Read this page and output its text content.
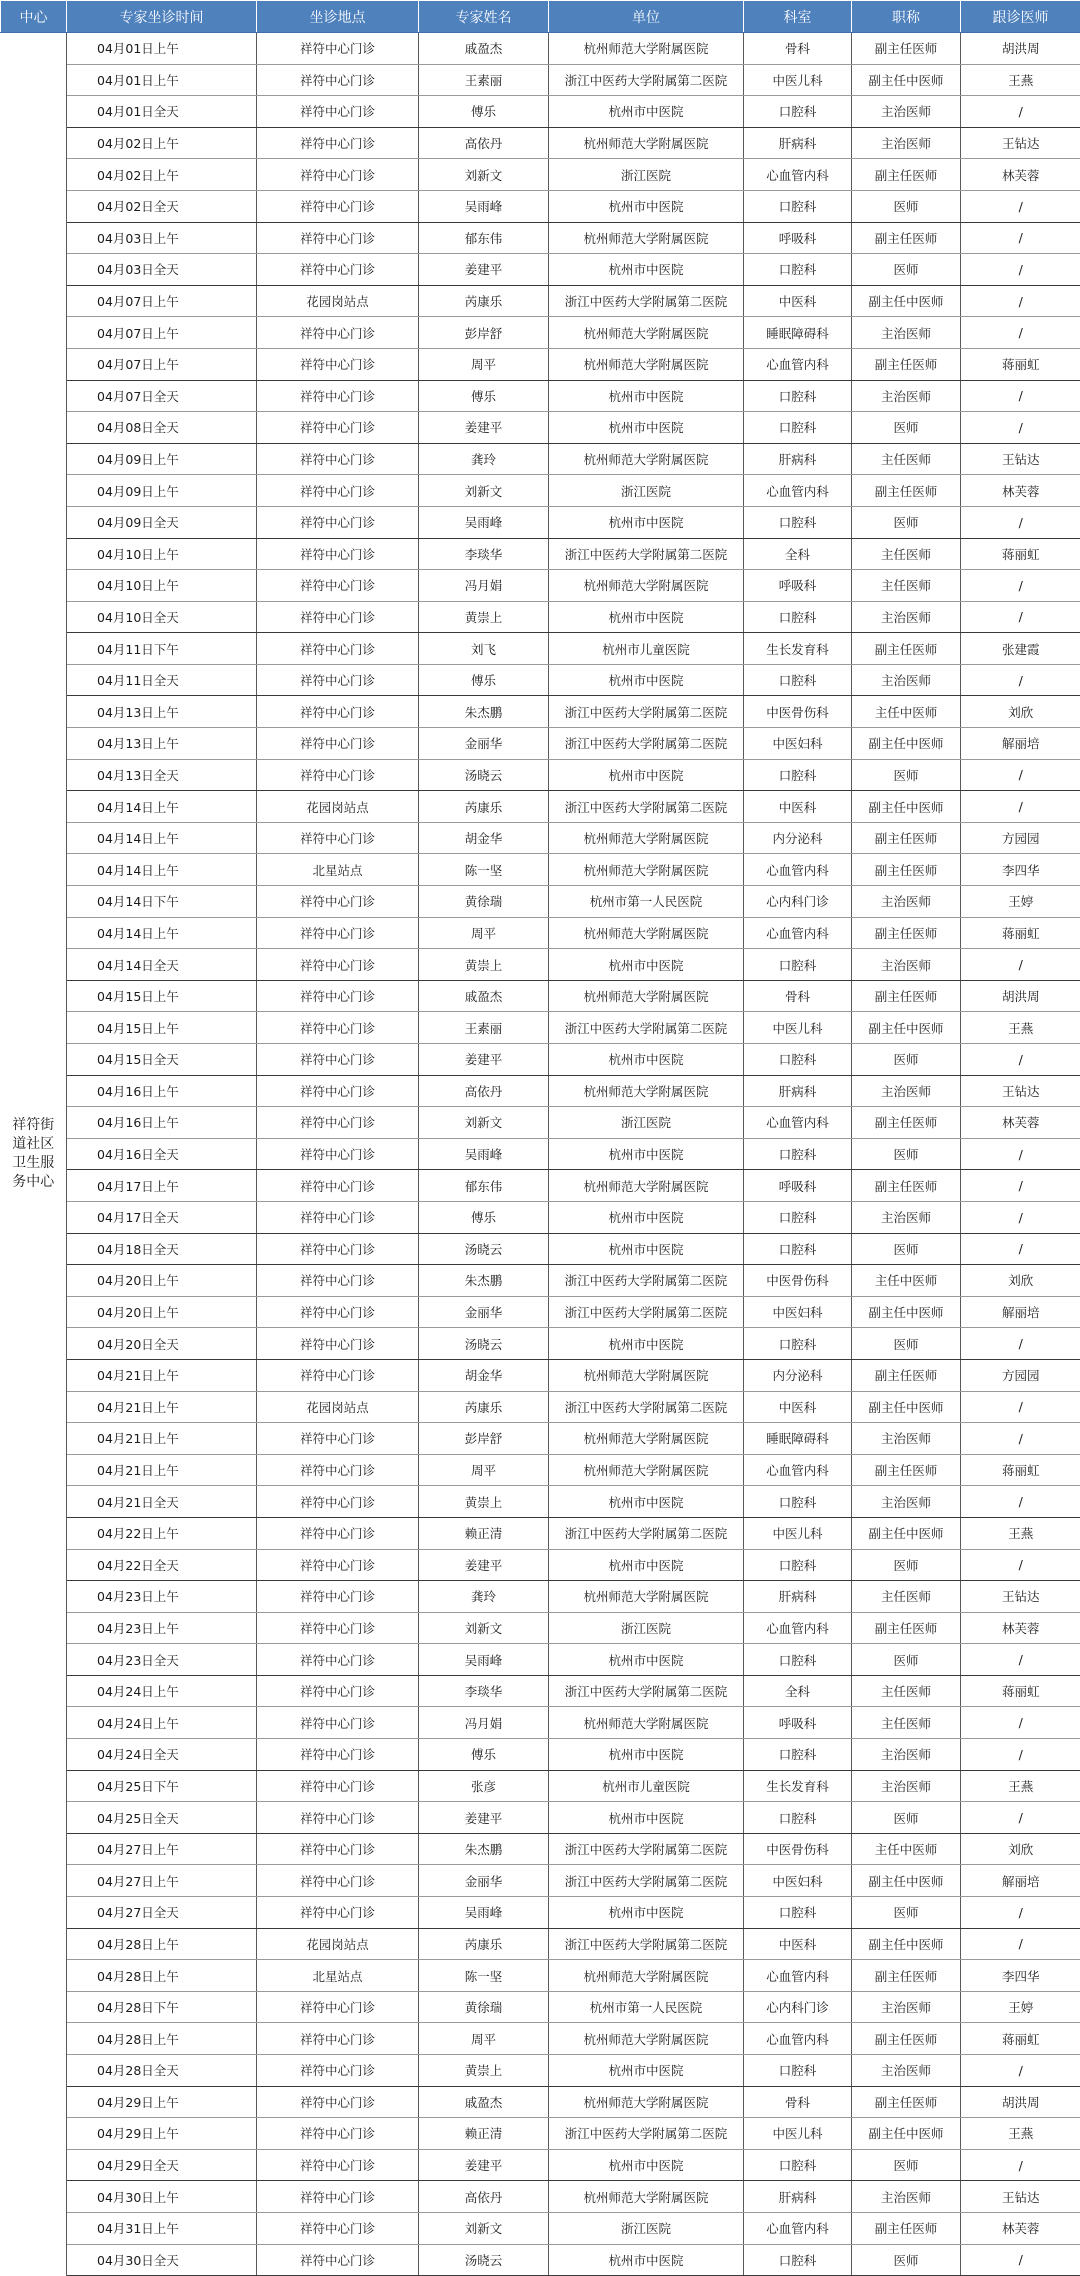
中心	专家坐诊时间	坐诊地点	专家姓名	单位	科室	职称	跟诊医师
祥符街道社区卫生服务中心	04月01日上午	祥符中心门诊	戚盈杰	杭州师范大学附属医院	骨科	副主任医师	胡洪周
	04月01日上午	祥符中心门诊	王素丽	浙江中医药大学附属第二医院	中医儿科	副主任中医师	王燕
	04月01日全天	祥符中心门诊	傅乐	杭州市中医院	口腔科	主治医师	/
	04月02日上午	祥符中心门诊	高依丹	杭州师范大学附属医院	肝病科	主治医师	王钻达
	04月02日上午	祥符中心门诊	刘新文	浙江医院	心血管内科	副主任医师	林芙蓉
	04月02日全天	祥符中心门诊	吴雨峰	杭州市中医院	口腔科	医师	/
	04月03日上午	祥符中心门诊	郁东伟	杭州师范大学附属医院	呼吸科	副主任医师	/
	04月03日全天	祥符中心门诊	姜建平	杭州市中医院	口腔科	医师	/
	04月07日上午	花园岗站点	芮康乐	浙江中医药大学附属第二医院	中医科	副主任中医师	/
	04月07日上午	祥符中心门诊	彭岸舒	杭州师范大学附属医院	睡眠障碍科	主治医师	/
	04月07日上午	祥符中心门诊	周平	杭州师范大学附属医院	心血管内科	副主任医师	蒋丽虹
	04月07日全天	祥符中心门诊	傅乐	杭州市中医院	口腔科	主治医师	/
	04月08日全天	祥符中心门诊	姜建平	杭州市中医院	口腔科	医师	/
	04月09日上午	祥符中心门诊	龚玲	杭州师范大学附属医院	肝病科	主任医师	王钻达
	04月09日上午	祥符中心门诊	刘新文	浙江医院	心血管内科	副主任医师	林芙蓉
	04月09日全天	祥符中心门诊	吴雨峰	杭州市中医院	口腔科	医师	/
	04月10日上午	祥符中心门诊	李琰华	浙江中医药大学附属第二医院	全科	主任医师	蒋丽虹
	04月10日上午	祥符中心门诊	冯月娟	杭州师范大学附属医院	呼吸科	主任医师	/
	04月10日全天	祥符中心门诊	黄崇上	杭州市中医院	口腔科	主治医师	/
	04月11日下午	祥符中心门诊	刘飞	杭州市儿童医院	生长发育科	副主任医师	张建霞
	04月11日全天	祥符中心门诊	傅乐	杭州市中医院	口腔科	主治医师	/
	04月13日上午	祥符中心门诊	朱杰鹏	浙江中医药大学附属第二医院	中医骨伤科	主任中医师	刘欣
	04月13日上午	祥符中心门诊	金丽华	浙江中医药大学附属第二医院	中医妇科	副主任中医师	解丽培
	04月13日全天	祥符中心门诊	汤晓云	杭州市中医院	口腔科	医师	/
	04月14日上午	花园岗站点	芮康乐	浙江中医药大学附属第二医院	中医科	副主任中医师	/
	04月14日上午	祥符中心门诊	胡金华	杭州师范大学附属医院	内分泌科	副主任医师	方园园
	04月14日上午	北星站点	陈一坚	杭州师范大学附属医院	心血管内科	副主任医师	李四华
	04月14日下午	祥符中心门诊	黄徐瑞	杭州市第一人民医院	心内科门诊	主治医师	王婷
	04月14日上午	祥符中心门诊	周平	杭州师范大学附属医院	心血管内科	副主任医师	蒋丽虹
	04月14日全天	祥符中心门诊	黄崇上	杭州市中医院	口腔科	主治医师	/
	04月15日上午	祥符中心门诊	戚盈杰	杭州师范大学附属医院	骨科	副主任医师	胡洪周
	04月15日上午	祥符中心门诊	王素丽	浙江中医药大学附属第二医院	中医儿科	副主任中医师	王燕
	04月15日全天	祥符中心门诊	姜建平	杭州市中医院	口腔科	医师	/
	04月16日上午	祥符中心门诊	高依丹	杭州师范大学附属医院	肝病科	主治医师	王钻达
	04月16日上午	祥符中心门诊	刘新文	浙江医院	心血管内科	副主任医师	林芙蓉
	04月16日全天	祥符中心门诊	吴雨峰	杭州市中医院	口腔科	医师	/
	04月17日上午	祥符中心门诊	郁东伟	杭州师范大学附属医院	呼吸科	副主任医师	/
	04月17日全天	祥符中心门诊	傅乐	杭州市中医院	口腔科	主治医师	/
	04月18日全天	祥符中心门诊	汤晓云	杭州市中医院	口腔科	医师	/
	04月20日上午	祥符中心门诊	朱杰鹏	浙江中医药大学附属第二医院	中医骨伤科	主任中医师	刘欣
	04月20日上午	祥符中心门诊	金丽华	浙江中医药大学附属第二医院	中医妇科	副主任中医师	解丽培
	04月20日全天	祥符中心门诊	汤晓云	杭州市中医院	口腔科	医师	/
	04月21日上午	祥符中心门诊	胡金华	杭州师范大学附属医院	内分泌科	副主任医师	方园园
	04月21日上午	花园岗站点	芮康乐	浙江中医药大学附属第二医院	中医科	副主任中医师	/
	04月21日上午	祥符中心门诊	彭岸舒	杭州师范大学附属医院	睡眠障碍科	主治医师	/
	04月21日上午	祥符中心门诊	周平	杭州师范大学附属医院	心血管内科	副主任医师	蒋丽虹
	04月21日全天	祥符中心门诊	黄崇上	杭州市中医院	口腔科	主治医师	/
	04月22日上午	祥符中心门诊	赖正清	浙江中医药大学附属第二医院	中医儿科	副主任中医师	王燕
	04月22日全天	祥符中心门诊	姜建平	杭州市中医院	口腔科	医师	/
	04月23日上午	祥符中心门诊	龚玲	杭州师范大学附属医院	肝病科	主任医师	王钻达
	04月23日上午	祥符中心门诊	刘新文	浙江医院	心血管内科	副主任医师	林芙蓉
	04月23日全天	祥符中心门诊	吴雨峰	杭州市中医院	口腔科	医师	/
	04月24日上午	祥符中心门诊	李琰华	浙江中医药大学附属第二医院	全科	主任医师	蒋丽虹
	04月24日上午	祥符中心门诊	冯月娟	杭州师范大学附属医院	呼吸科	主任医师	/
	04月24日全天	祥符中心门诊	傅乐	杭州市中医院	口腔科	主治医师	/
	04月25日下午	祥符中心门诊	张彦	杭州市儿童医院	生长发育科	主治医师	王燕
	04月25日全天	祥符中心门诊	姜建平	杭州市中医院	口腔科	医师	/
	04月27日上午	祥符中心门诊	朱杰鹏	浙江中医药大学附属第二医院	中医骨伤科	主任中医师	刘欣
	04月27日上午	祥符中心门诊	金丽华	浙江中医药大学附属第二医院	中医妇科	副主任中医师	解丽培
	04月27日全天	祥符中心门诊	吴雨峰	杭州市中医院	口腔科	医师	/
	04月28日上午	花园岗站点	芮康乐	浙江中医药大学附属第二医院	中医科	副主任中医师	/
	04月28日上午	北星站点	陈一坚	杭州师范大学附属医院	心血管内科	副主任医师	李四华
	04月28日下午	祥符中心门诊	黄徐瑞	杭州市第一人民医院	心内科门诊	主治医师	王婷
	04月28日上午	祥符中心门诊	周平	杭州师范大学附属医院	心血管内科	副主任医师	蒋丽虹
	04月28日全天	祥符中心门诊	黄崇上	杭州市中医院	口腔科	主治医师	/
	04月29日上午	祥符中心门诊	戚盈杰	杭州师范大学附属医院	骨科	副主任医师	胡洪周
	04月29日上午	祥符中心门诊	赖正清	浙江中医药大学附属第二医院	中医儿科	副主任中医师	王燕
	04月29日全天	祥符中心门诊	姜建平	杭州市中医院	口腔科	医师	/
	04月30日上午	祥符中心门诊	高依丹	杭州师范大学附属医院	肝病科	主治医师	王钻达
	04月31日上午	祥符中心门诊	刘新文	浙江医院	心血管内科	副主任医师	林芙蓉
	04月30日全天	祥符中心门诊	汤晓云	杭州市中医院	口腔科	医师	/
